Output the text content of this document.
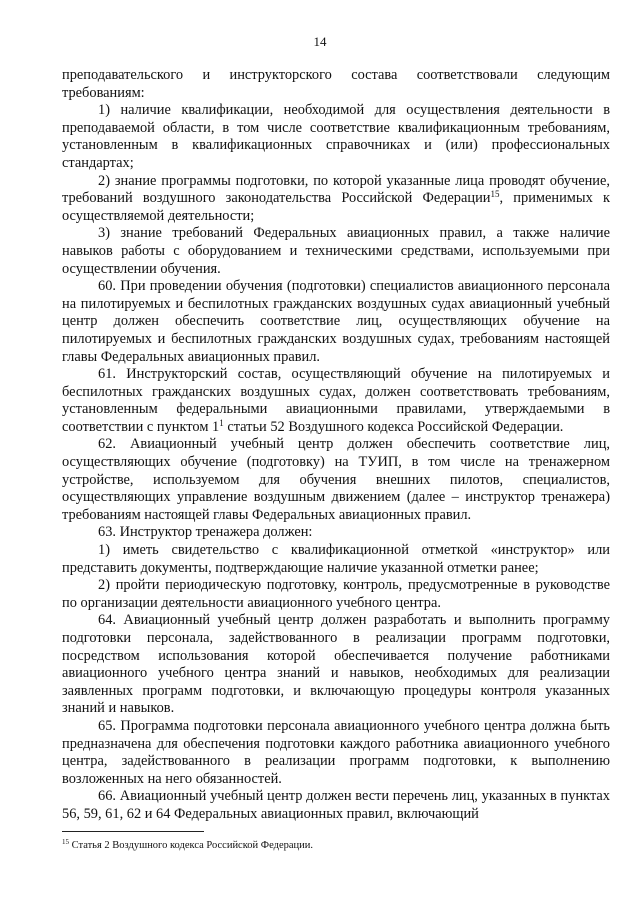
14

преподавательского и инструкторского состава соответствовали следующим требованиям:

1) наличие квалификации, необходимой для осуществления деятельности в преподаваемой области, в том числе соответствие квалификационным требованиям, установленным в квалификационных справочниках и (или) профессиональных стандартах;

2) знание программы подготовки, по которой указанные лица проводят обучение, требований воздушного законодательства Российской Федерации$^{15}$, применимых к осуществляемой деятельности;

3) знание требований Федеральных авиационных правил, а также наличие навыков работы с оборудованием и техническими средствами, используемыми при осуществлении обучения.

60. При проведении обучения (подготовки) специалистов авиационного персонала на пилотируемых и беспилотных гражданских воздушных судах авиационный учебный центр должен обеспечить соответствие лиц, осуществляющих обучение на пилотируемых и беспилотных гражданских воздушных судах, требованиям настоящей главы Федеральных авиационных правил.

61. Инструкторский состав, осуществляющий обучение на пилотируемых и беспилотных гражданских воздушных судах, должен соответствовать требованиям, установленным федеральными авиационными правилами, утверждаемыми в соответствии с пунктом $1^1$ статьи 52 Воздушного кодекса Российской Федерации.

62. Авиационный учебный центр должен обеспечить соответствие лиц, осуществляющих обучение (подготовку) на ТУИП, в том числе на тренажерном устройстве, используемом для обучения внешних пилотов, специалистов, осуществляющих управление воздушным движением (далее – инструктор тренажера) требованиям настоящей главы Федеральных авиационных правил.

63. Инструктор тренажера должен:

1) иметь свидетельство с квалификационной отметкой «инструктор» или представить документы, подтверждающие наличие указанной отметки ранее;

2) пройти периодическую подготовку, контроль, предусмотренные в руководстве по организации деятельности авиационного учебного центра.

64. Авиационный учебный центр должен разработать и выполнить программу подготовки персонала, задействованного в реализации программ подготовки, посредством использования которой обеспечивается получение работниками авиационного учебного центра знаний и навыков, необходимых для реализации заявленных программ подготовки, и включающую процедуры контроля указанных знаний и навыков.

65. Программа подготовки персонала авиационного учебного центра должна быть предназначена для обеспечения подготовки каждого работника авиационного учебного центра, задействованного в реализации программ подготовки, к выполнению возложенных на него обязанностей.

66. Авиационный учебный центр должен вести перечень лиц, указанных в пунктах 56, 59, 61, 62 и 64 Федеральных авиационных правил, включающий

$^{15}$ Статья 2 Воздушного кодекса Российской Федерации.
